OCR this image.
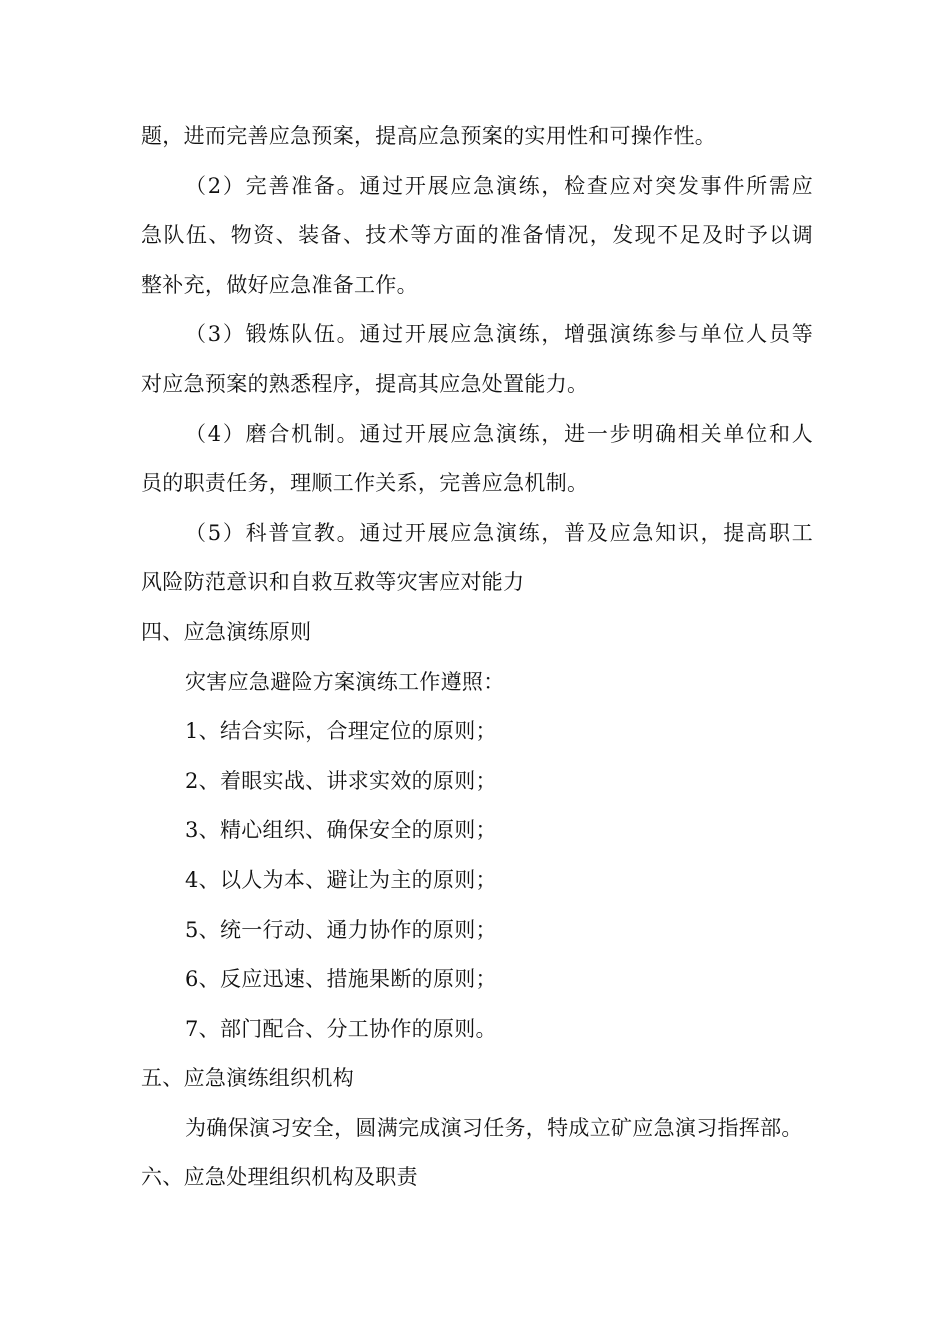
题，进而完善应急预案，提高应急预案的实用性和可操作性。
（2）完善准备。通过开展应急演练，检查应对突发事件所需应
急队伍、物资、装备、技术等方面的准备情况，发现不足及时予以调
整补充，做好应急准备工作。
（3）锻炼队伍。通过开展应急演练，增强演练参与单位人员等
对应急预案的熟悉程序，提高其应急处置能力。
（4）磨合机制。通过开展应急演练，进一步明确相关单位和人
员的职责任务，理顺工作关系，完善应急机制。
（5）科普宣教。通过开展应急演练，普及应急知识，提高职工
风险防范意识和自救互救等灾害应对能力
四、应急演练原则
灾害应急避险方案演练工作遵照：
1、结合实际，合理定位的原则；
2、着眼实战、讲求实效的原则；
3、精心组织、确保安全的原则；
4、以人为本、避让为主的原则；
5、统一行动、通力协作的原则；
6、反应迅速、措施果断的原则；
7、部门配合、分工协作的原则。
五、应急演练组织机构
为确保演习安全，圆满完成演习任务，特成立矿应急演习指挥部。
六、应急处理组织机构及职责
